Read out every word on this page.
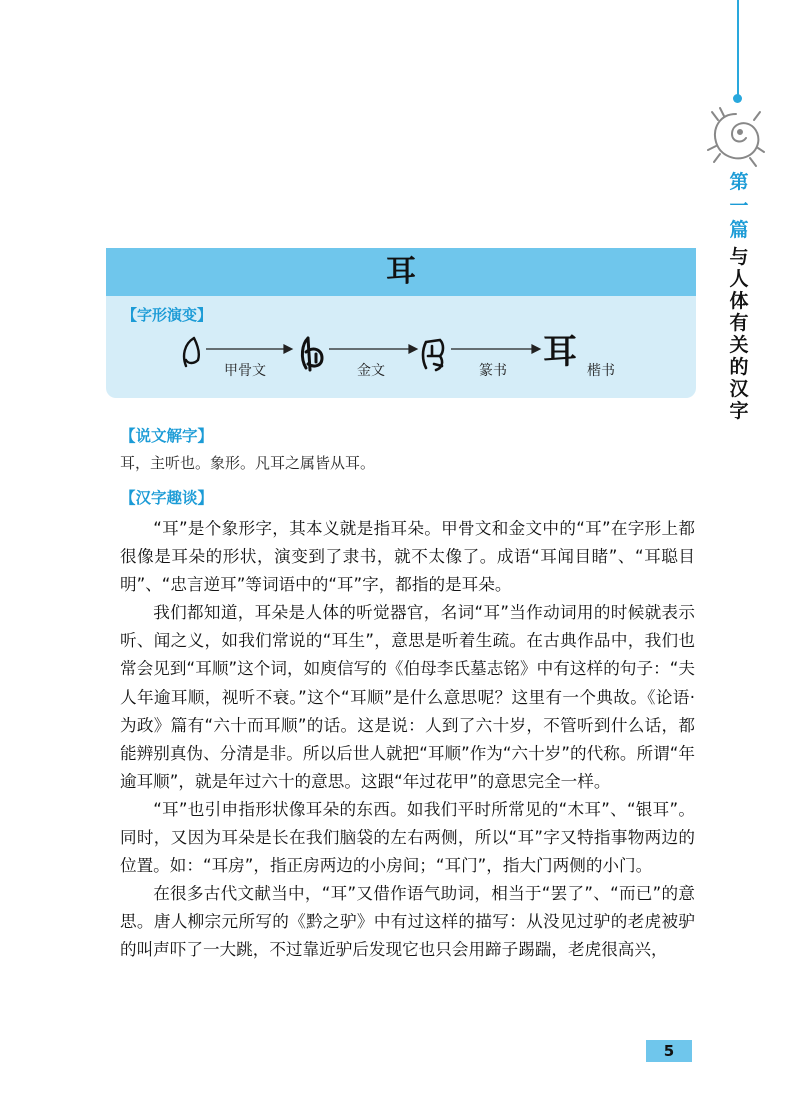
第一篇
与人体有关的汉字
耳
【字形演变】
耳
甲骨文	金文	篆书	楷书
【说文解字】
耳，主听也。象形。凡耳之属皆从耳。
【汉字趣谈】

“耳”是个象形字，其本义就是指耳朵。甲骨文和金文中的“耳”在字形上都很像是耳朵的形状，演变到了隶书，就不太像了。成语“耳闻目睹”、“耳聪目明”、“忠言逆耳”等词语中的“耳”字，都指的是耳朵。

我们都知道，耳朵是人体的听觉器官，名词“耳”当作动词用的时候就表示听、闻之义，如我们常说的“耳生”，意思是听着生疏。在古典作品中，我们也常会见到“耳顺”这个词，如庾信写的《伯母李氏墓志铭》中有这样的句子：“夫人年逾耳顺，视听不衰。”这个“耳顺”是什么意思呢？这里有一个典故。《论语·为政》篇有“六十而耳顺”的话。这是说：人到了六十岁，不管听到什么话，都能辨别真伪、分清是非。所以后世人就把“耳顺”作为“六十岁”的代称。所谓“年逾耳顺”，就是年过六十的意思。这跟“年过花甲”的意思完全一样。

“耳”也引申指形状像耳朵的东西。如我们平时所常见的“木耳”、“银耳”。同时，又因为耳朵是长在我们脑袋的左右两侧，所以“耳”字又特指事物两边的位置。如：“耳房”，指正房两边的小房间；“耳门”，指大门两侧的小门。

在很多古代文献当中，“耳”又借作语气助词，相当于“罢了”、“而已”的意思。唐人柳宗元所写的《黔之驴》中有过这样的描写：从没见过驴的老虎被驴的叫声吓了一大跳，不过靠近驴后发现它也只会用蹄子踢踹，老虎很高兴，

5
